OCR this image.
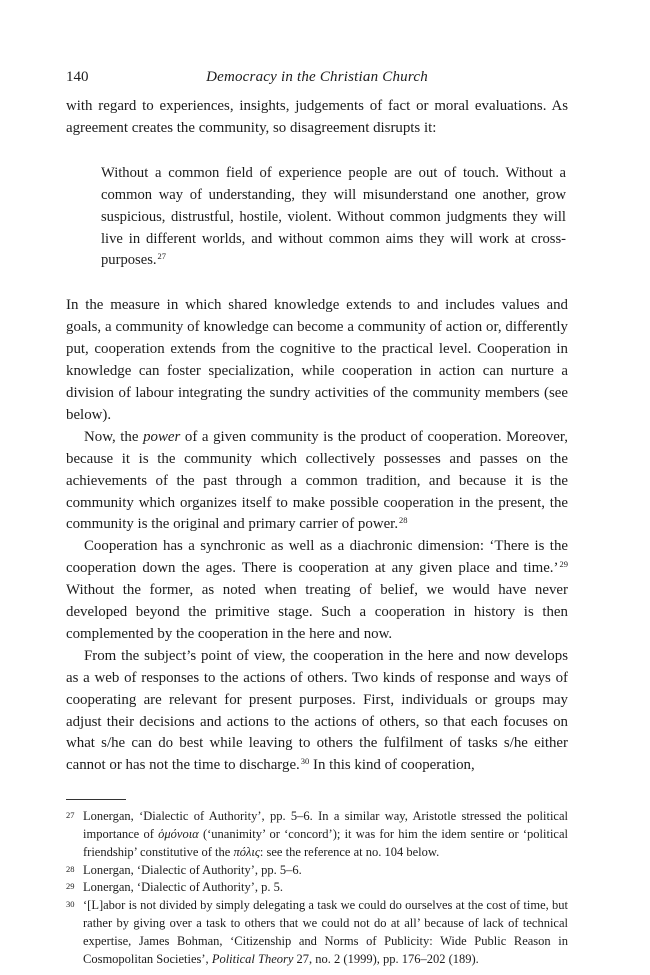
140	Democracy in the Christian Church

with regard to experiences, insights, judgements of fact or moral evaluations. As agreement creates the community, so disagreement disrupts it:

Without a common field of experience people are out of touch. Without a common way of understanding, they will misunderstand one another, grow suspicious, distrustful, hostile, violent. Without common judgments they will live in different worlds, and without common aims they will work at cross-purposes.$^{27}$

In the measure in which shared knowledge extends to and includes values and goals, a community of knowledge can become a community of action or, differently put, cooperation extends from the cognitive to the practical level. Cooperation in knowledge can foster specialization, while cooperation in action can nurture a division of labour integrating the sundry activities of the community members (see below).

Now, the power of a given community is the product of cooperation. Moreover, because it is the community which collectively possesses and passes on the achievements of the past through a common tradition, and because it is the community which organizes itself to make possible cooperation in the present, the community is the original and primary carrier of power.$^{28}$

Cooperation has a synchronic as well as a diachronic dimension: ‘There is the cooperation down the ages. There is cooperation at any given place and time.’$^{29}$ Without the former, as noted when treating of belief, we would have never developed beyond the primitive stage. Such a cooperation in history is then complemented by the cooperation in the here and now.

From the subject’s point of view, the cooperation in the here and now develops as a web of responses to the actions of others. Two kinds of response and ways of cooperating are relevant for present purposes. First, individuals or groups may adjust their decisions and actions to the actions of others, so that each focuses on what s/he can do best while leaving to others the fulfilment of tasks s/he either cannot or has not the time to discharge.$^{30}$ In this kind of cooperation,

27 Lonergan, ‘Dialectic of Authority’, pp. 5–6. In a similar way, Aristotle stressed the political importance of ὁμόνοια (‘unanimity’ or ‘concord’); it was for him the idem sentire or ‘political friendship’ constitutive of the πόλις: see the reference at no. 104 below.
28 Lonergan, ‘Dialectic of Authority’, pp. 5–6.
29 Lonergan, ‘Dialectic of Authority’, p. 5.
30 ‘[L]abor is not divided by simply delegating a task we could do ourselves at the cost of time, but rather by giving over a task to others that we could not do at all’ because of lack of technical expertise, James Bohman, ‘Citizenship and Norms of Publicity: Wide Public Reason in Cosmopolitan Societies’, Political Theory 27, no. 2 (1999), pp. 176–202 (189).
